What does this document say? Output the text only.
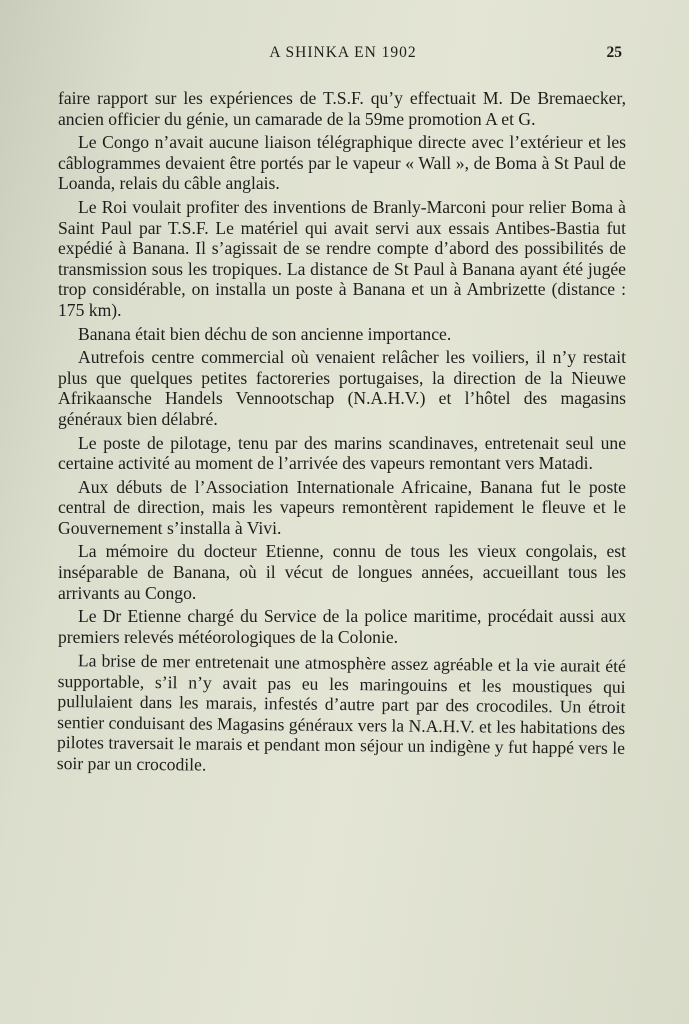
A SHINKA EN 1902	25

faire rapport sur les expériences de T.S.F. qu’y effectuait M. De Bremaecker, ancien officier du génie, un camarade de la 59me promotion A et G.

Le Congo n’avait aucune liaison télégraphique directe avec l’extérieur et les câblogrammes devaient être portés par le vapeur « Wall », de Boma à St Paul de Loanda, relais du câble anglais.

Le Roi voulait profiter des inventions de Branly-Marconi pour relier Boma à Saint Paul par T.S.F. Le matériel qui avait servi aux essais Antibes-Bastia fut expédié à Banana. Il s’agissait de se rendre compte d’abord des possibilités de transmission sous les tropiques. La distance de St Paul à Banana ayant été jugée trop considérable, on installa un poste à Banana et un à Ambrizette (distance : 175 km).

Banana était bien déchu de son ancienne importance.

Autrefois centre commercial où venaient relâcher les voiliers, il n’y restait plus que quelques petites factoreries portugaises, la direction de la Nieuwe Afrikaansche Handels Vennootschap (N.A.H.V.) et l’hôtel des magasins généraux bien délabré.

Le poste de pilotage, tenu par des marins scandinaves, entretenait seul une certaine activité au moment de l’arrivée des vapeurs remontant vers Matadi.

Aux débuts de l’Association Internationale Africaine, Banana fut le poste central de direction, mais les vapeurs remontèrent rapidement le fleuve et le Gouvernement s’installa à Vivi.

La mémoire du docteur Etienne, connu de tous les vieux congolais, est inséparable de Banana, où il vécut de longues années, accueillant tous les arrivants au Congo.

Le Dr Etienne chargé du Service de la police maritime, procédait aussi aux premiers relevés météorologiques de la Colonie.

La brise de mer entretenait une atmosphère assez agréable et la vie aurait été supportable, s’il n’y avait pas eu les maringouins et les moustiques qui pullulaient dans les marais, infestés d’autre part par des crocodiles. Un étroit sentier conduisant des Magasins généraux vers la N.A.H.V. et les habitations des pilotes traversait le marais et pendant mon séjour un indigène y fut happé vers le soir par un crocodile.
